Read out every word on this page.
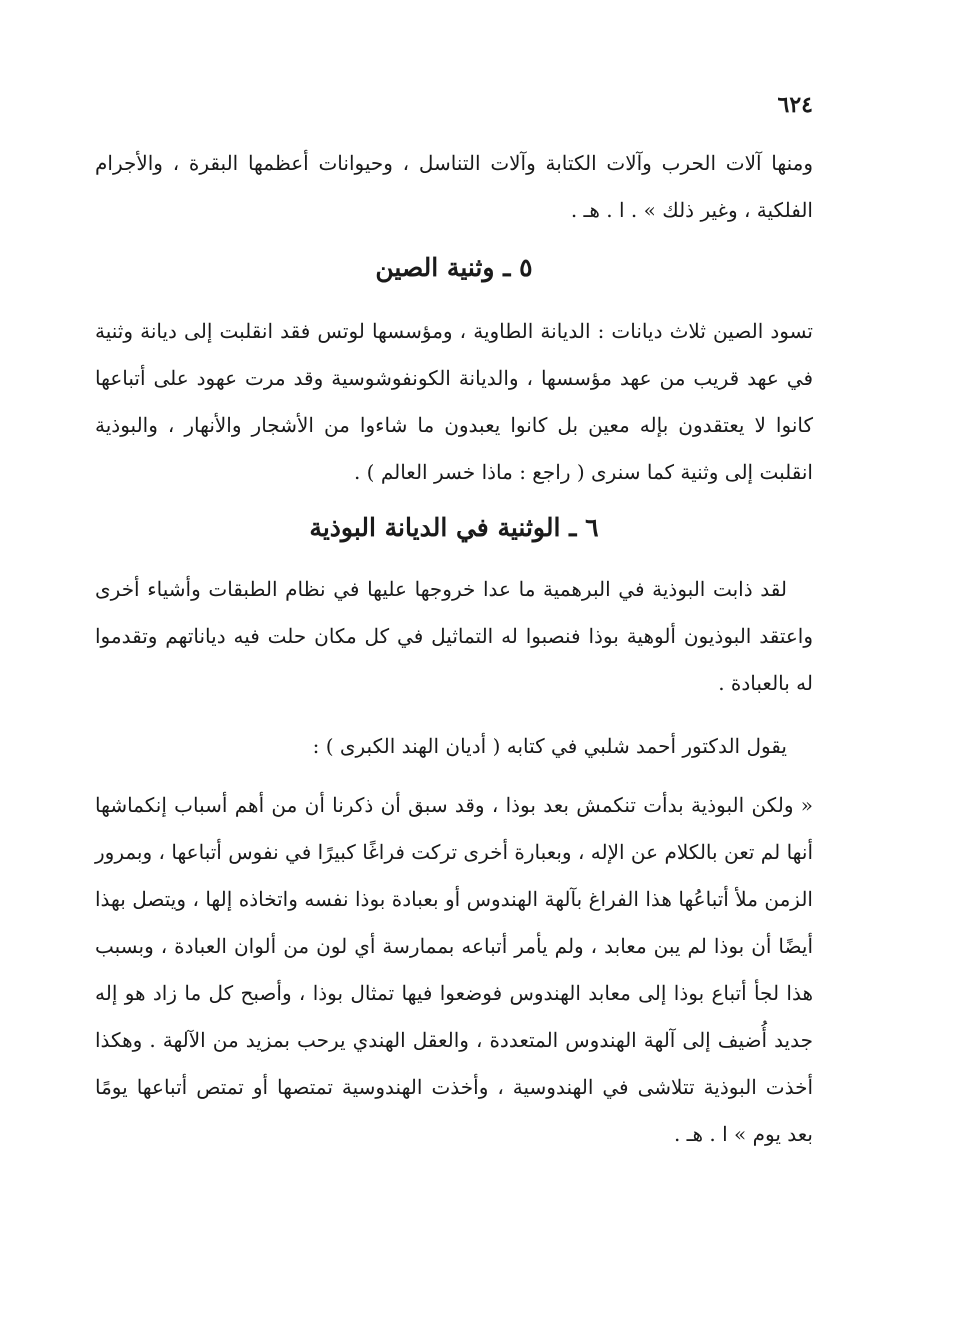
٦٢٤

ومنها آلات الحرب وآلات الكتابة وآلات التناسل ، وحيوانات أعظمها البقرة ، والأجرام الفلكية ، وغير ذلك » . ا . هـ .

٥ ـ وثنية الصين

تسود الصين ثلاث ديانات : الديانة الطاوية ، ومؤسسها لوتس فقد انقلبت إلى ديانة وثنية في عهد قريب من عهد مؤسسها ، والديانة الكونفوشوسية وقد مرت عهود على أتباعها كانوا لا يعتقدون بإله معين بل كانوا يعبدون ما شاءوا من الأشجار والأنهار ، والبوذية انقلبت إلى وثنية كما سنرى ( راجع : ماذا خسر العالم ) .

٦ ـ الوثنية في الديانة البوذية

لقد ذابت البوذية في البرهمية ما عدا خروجها عليها في نظام الطبقات وأشياء أخرى واعتقد البوذيون ألوهية بوذا فنصبوا له التماثيل في كل مكان حلت فيه دياناتهم وتقدموا له بالعبادة .

يقول الدكتور أحمد شلبي في كتابه ( أديان الهند الكبرى ) :

« ولكن البوذية بدأت تنكمش بعد بوذا ، وقد سبق أن ذكرنا أن من أهم أسباب إنكماشها أنها لم تعن بالكلام عن الإله ، وبعبارة أخرى تركت فراغًا كبيرًا في نفوس أتباعها ، وبمرور الزمن ملأ أتباعُها هذا الفراغ بآلهة الهندوس أو بعبادة بوذا نفسه واتخاذه إلها ، ويتصل بهذا أيضًا أن بوذا لم يبن معابد ، ولم يأمر أتباعه بممارسة أي لون من ألوان العبادة ، وبسبب هذا لجأ أتباع بوذا إلى معابد الهندوس فوضعوا فيها تمثال بوذا ، وأصبح كل ما زاد هو إله جديد أُضيف إلى آلهة الهندوس المتعددة ، والعقل الهندي يرحب بمزيد من الآلهة . وهكذا أخذت البوذية تتلاشى في الهندوسية ، وأخذت الهندوسية تمتصها أو تمتص أتباعها يومًا بعد يوم » ا . هـ .
